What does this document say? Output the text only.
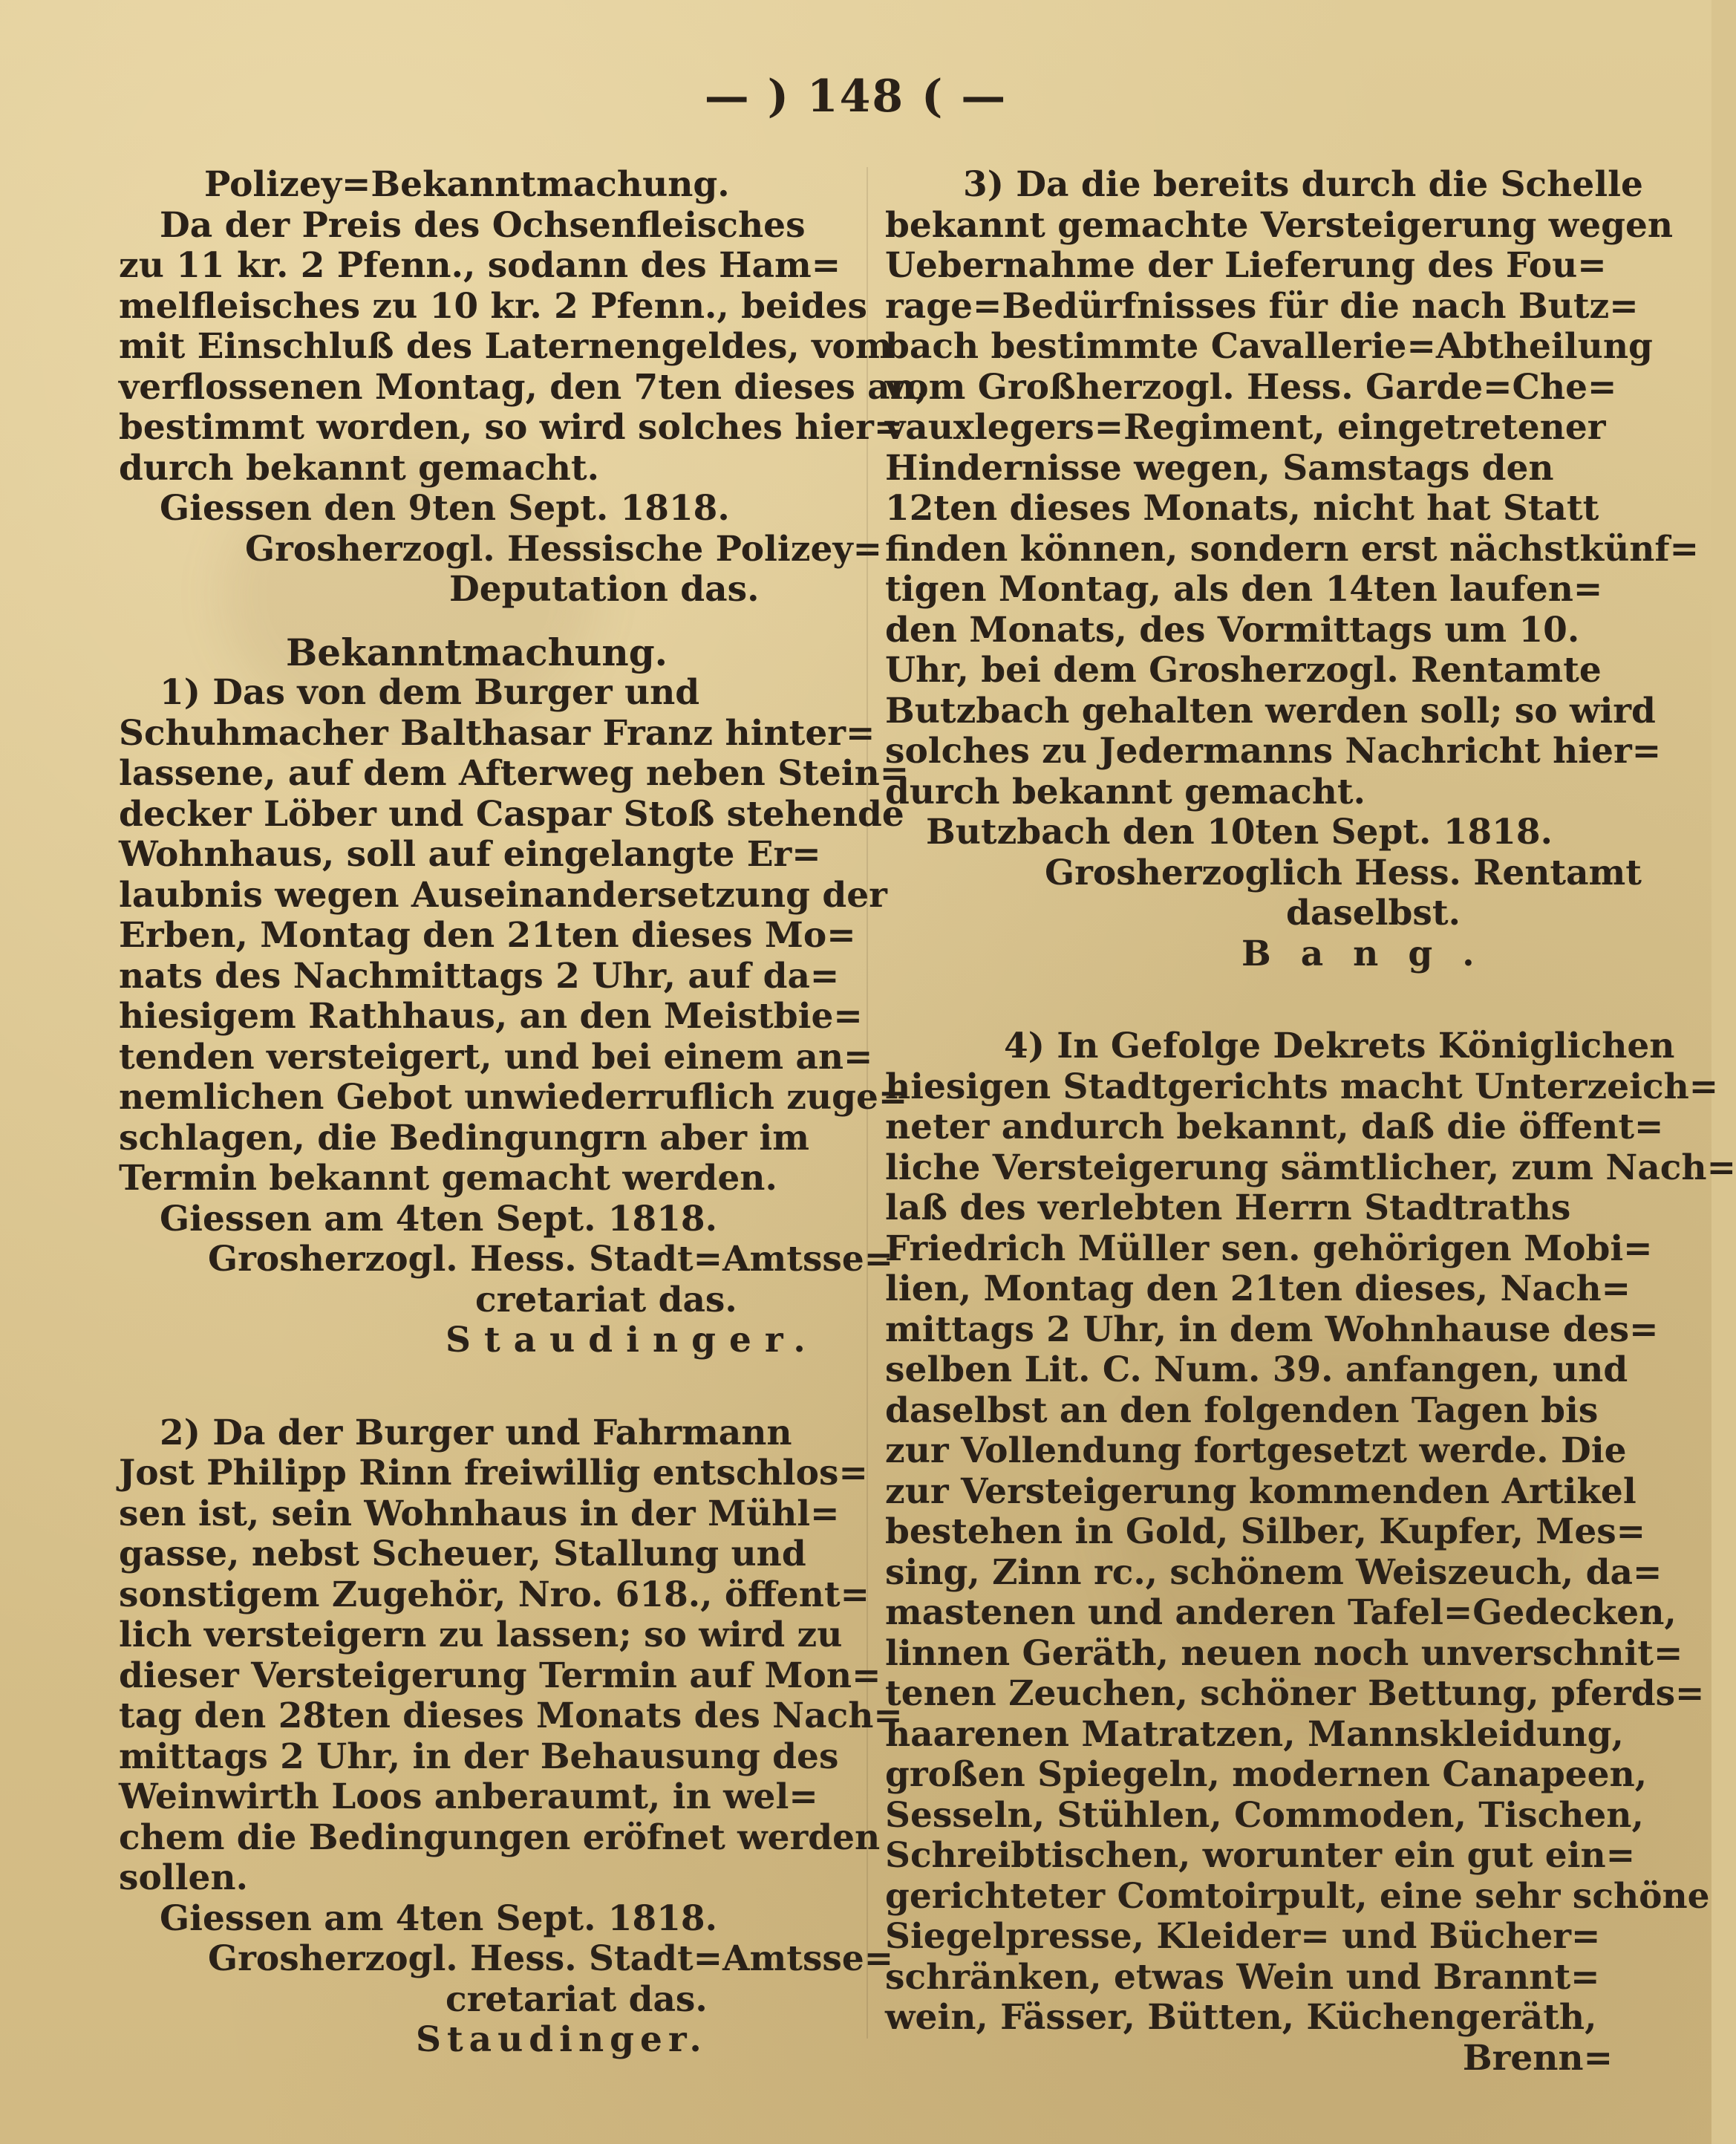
— ) 148 ( —
Polizey=Bekanntmachung.
Da der Preis des Ochsenfleisches
zu 11 kr. 2 Pfenn., sodann des Ham=
melfleisches zu 10 kr. 2 Pfenn., beides
mit Einschluß des Laternengeldes, vom
verflossenen Montag, den 7ten dieses an,
bestimmt worden, so wird solches hier=
durch bekannt gemacht.
Giessen den 9ten Sept. 1818.
Grosherzogl. Hessische Polizey=
Deputation das.
Bekanntmachung.
1) Das von dem Burger und
Schuhmacher Balthasar Franz hinter=
lassene, auf dem Afterweg neben Stein=
decker Löber und Caspar Stoß stehende
Wohnhaus, soll auf eingelangte Er=
laubnis wegen Auseinandersetzung der
Erben, Montag den 21ten dieses Mo=
nats des Nachmittags 2 Uhr, auf da=
hiesigem Rathhaus, an den Meistbie=
tenden versteigert, und bei einem an=
nemlichen Gebot unwiederruflich zuge=
schlagen, die Bedingungrn aber im
Termin bekannt gemacht werden.
Giessen am 4ten Sept. 1818.
Grosherzogl. Hess. Stadt=Amtsse=
cretariat das.
Staudinger.
2) Da der Burger und Fahrmann
Jost Philipp Rinn freiwillig entschlos=
sen ist, sein Wohnhaus in der Mühl=
gasse, nebst Scheuer, Stallung und
sonstigem Zugehör, Nro. 618., öffent=
lich versteigern zu lassen; so wird zu
dieser Versteigerung Termin auf Mon=
tag den 28ten dieses Monats des Nach=
mittags 2 Uhr, in der Behausung des
Weinwirth Loos anberaumt, in wel=
chem die Bedingungen eröfnet werden
sollen.
Giessen am 4ten Sept. 1818.
Grosherzogl. Hess. Stadt=Amtsse=
cretariat das.
Staudinger.
3) Da die bereits durch die Schelle
bekannt gemachte Versteigerung wegen
Uebernahme der Lieferung des Fou=
rage=Bedürfnisses für die nach Butz=
bach bestimmte Cavallerie=Abtheilung
vom Großherzogl. Hess. Garde=Che=
vauxlegers=Regiment, eingetretener
Hindernisse wegen, Samstags den
12ten dieses Monats, nicht hat Statt
finden können, sondern erst nächstkünf=
tigen Montag, als den 14ten laufen=
den Monats, des Vormittags um 10.
Uhr, bei dem Grosherzogl. Rentamte
Butzbach gehalten werden soll; so wird
solches zu Jedermanns Nachricht hier=
durch bekannt gemacht.
Butzbach den 10ten Sept. 1818.
Grosherzoglich Hess. Rentamt
daselbst.
Bang.
4) In Gefolge Dekrets Königlichen
hiesigen Stadtgerichts macht Unterzeich=
neter andurch bekannt, daß die öffent=
liche Versteigerung sämtlicher, zum Nach=
laß des verlebten Herrn Stadtraths
Friedrich Müller sen. gehörigen Mobi=
lien, Montag den 21ten dieses, Nach=
mittags 2 Uhr, in dem Wohnhause des=
selben Lit. C. Num. 39. anfangen, und
daselbst an den folgenden Tagen bis
zur Vollendung fortgesetzt werde. Die
zur Versteigerung kommenden Artikel
bestehen in Gold, Silber, Kupfer, Mes=
sing, Zinn rc., schönem Weiszeuch, da=
mastenen und anderen Tafel=Gedecken,
linnen Geräth, neuen noch unverschnit=
tenen Zeuchen, schöner Bettung, pferds=
haarenen Matratzen, Mannskleidung,
großen Spiegeln, modernen Canapeen,
Sesseln, Stühlen, Commoden, Tischen,
Schreibtischen, worunter ein gut ein=
gerichteter Comtoirpult, eine sehr schöne
Siegelpresse, Kleider= und Bücher=
schränken, etwas Wein und Brannt=
wein, Fässer, Bütten, Küchengeräth,
Brenn=
